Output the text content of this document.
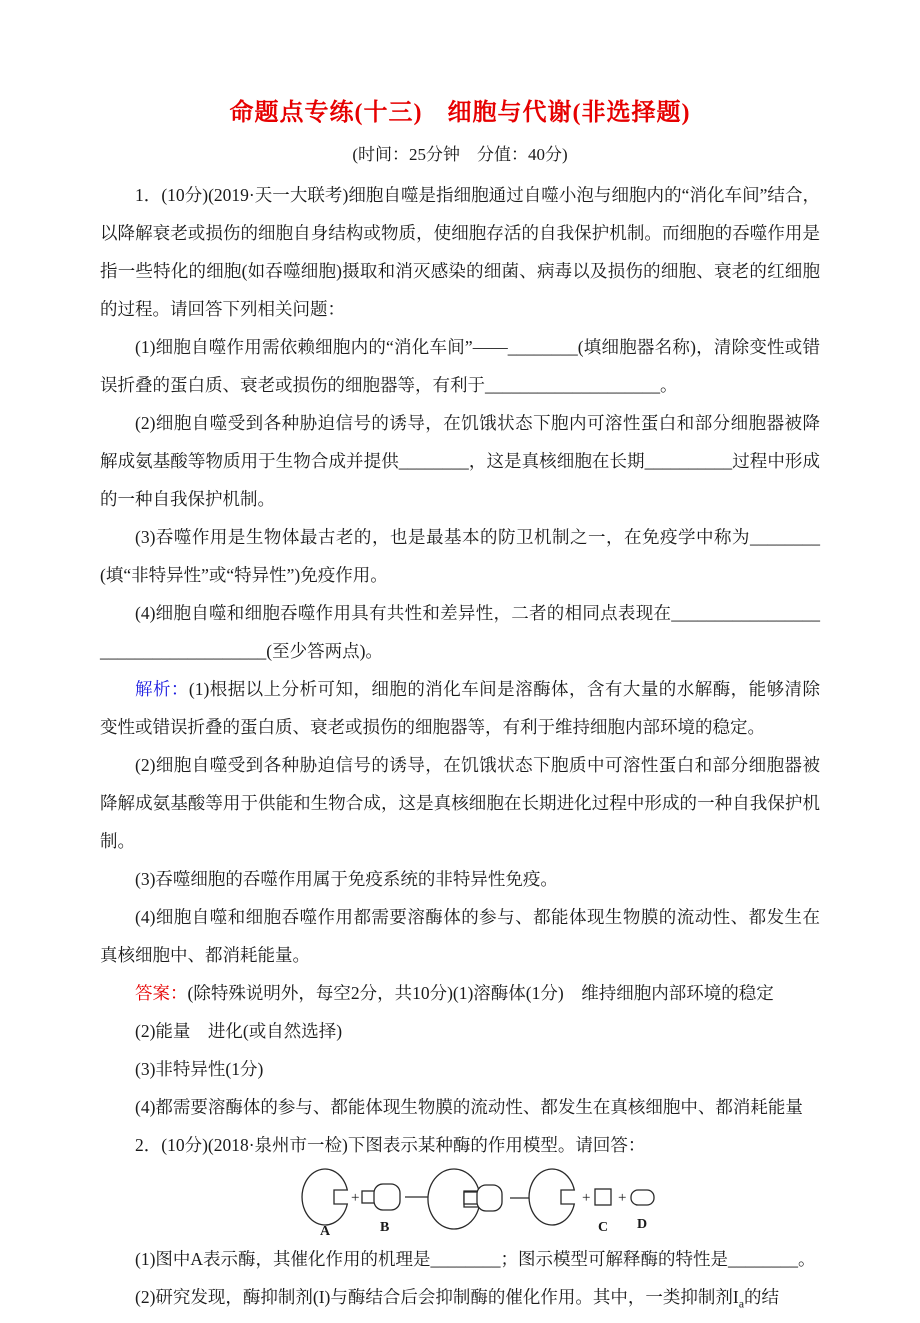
命题点专练(十三)　细胞与代谢(非选择题)
(时间：25分钟　分值：40分)

1．(10分)(2019·天一大联考)细胞自噬是指细胞通过自噬小泡与细胞内的“消化车间”结合，以降解衰老或损伤的细胞自身结构或物质，使细胞存活的自我保护机制。而细胞的吞噬作用是指一些特化的细胞(如吞噬细胞)摄取和消灭感染的细菌、病毒以及损伤的细胞、衰老的红细胞的过程。请回答下列相关问题：

(1)细胞自噬作用需依赖细胞内的“消化车间”——________(填细胞器名称)，清除变性或错误折叠的蛋白质、衰老或损伤的细胞器等，有利于____________________。

(2)细胞自噬受到各种胁迫信号的诱导，在饥饿状态下胞内可溶性蛋白和部分细胞器被降解成氨基酸等物质用于生物合成并提供________，这是真核细胞在长期__________过程中形成的一种自我保护机制。

(3)吞噬作用是生物体最古老的，也是最基本的防卫机制之一，在免疫学中称为________(填“非特异性”或“特异性”)免疫作用。

(4)细胞自噬和细胞吞噬作用具有共性和差异性，二者的相同点表现在____________________________________(至少答两点)。

解析：(1)根据以上分析可知，细胞的消化车间是溶酶体，含有大量的水解酶，能够清除变性或错误折叠的蛋白质、衰老或损伤的细胞器等，有利于维持细胞内部环境的稳定。

(2)细胞自噬受到各种胁迫信号的诱导，在饥饿状态下胞质中可溶性蛋白和部分细胞器被降解成氨基酸等用于供能和生物合成，这是真核细胞在长期进化过程中形成的一种自我保护机制。

(3)吞噬细胞的吞噬作用属于免疫系统的非特异性免疫。

(4)细胞自噬和细胞吞噬作用都需要溶酶体的参与、都能体现生物膜的流动性、都发生在真核细胞中、都消耗能量。

答案：(除特殊说明外，每空2分，共10分)(1)溶酶体(1分)　维持细胞内部环境的稳定

(2)能量　进化(或自然选择)

(3)非特异性(1分)

(4)都需要溶酶体的参与、都能体现生物膜的流动性、都发生在真核细胞中、都消耗能量

2．(10分)(2018·泉州市一检)下图表示某种酶的作用模型。请回答：

+	+ +
A	B	C D

(1)图中A表示酶，其催化作用的机理是________；图示模型可解释酶的特性是________。

(2)研究发现，酶抑制剂(I)与酶结合后会抑制酶的催化作用。其中，一类抑制剂$I_a$的结
